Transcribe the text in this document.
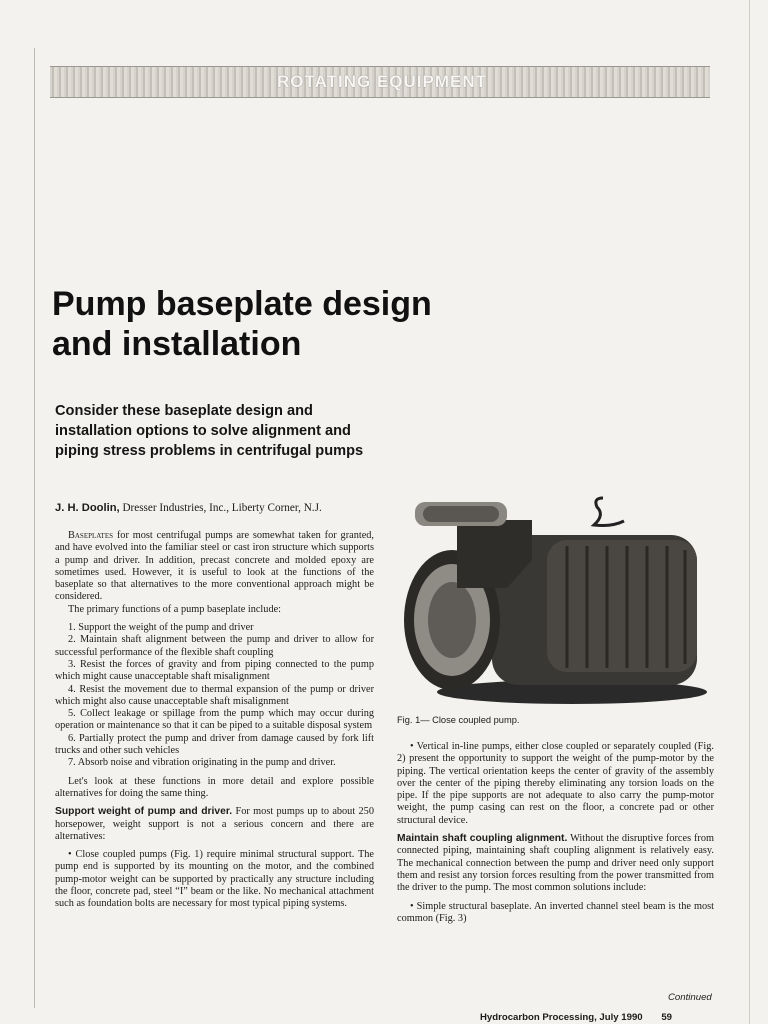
ROTATING EQUIPMENT
Pump baseplate design
and installation

Consider these baseplate design and installation options to solve alignment and piping stress problems in centrifugal pumps

J. H. Doolin, Dresser Industries, Inc., Liberty Corner, N.J.

Baseplates for most centrifugal pumps are somewhat taken for granted, and have evolved into the familiar steel or cast iron structure which supports a pump and driver. In addition, precast concrete and molded epoxy are sometimes used. However, it is useful to look at the functions of the baseplate so that alternatives to the more conventional approach might be considered.

The primary functions of a pump baseplate include:

1. Support the weight of the pump and driver

2. Maintain shaft alignment between the pump and driver to allow for successful performance of the flexible shaft coupling

3. Resist the forces of gravity and from piping connected to the pump which might cause unacceptable shaft misalignment

4. Resist the movement due to thermal expansion of the pump or driver which might also cause unacceptable shaft misalignment

5. Collect leakage or spillage from the pump which may occur during operation or maintenance so that it can be piped to a suitable disposal system

6. Partially protect the pump and driver from damage caused by fork lift trucks and other such vehicles

7. Absorb noise and vibration originating in the pump and driver.

Let's look at these functions in more detail and explore possible alternatives for doing the same thing.

Support weight of pump and driver. For most pumps up to about 250 horsepower, weight support is not a serious concern and there are alternatives:

• Close coupled pumps (Fig. 1) require minimal structural support. The pump end is supported by its mounting on the motor, and the combined pump-motor weight can be supported by practically any structure including the floor, concrete pad, steel “I” beam or the like. No mechanical attachment such as foundation bolts are necessary for most typical piping systems.

Fig. 1— Close coupled pump.

• Vertical in-line pumps, either close coupled or separately coupled (Fig. 2) present the opportunity to support the weight of the pump-motor by the piping. The vertical orientation keeps the center of gravity of the assembly over the center of the piping thereby eliminating any torsion loads on the pipe. If the pipe supports are not adequate to also carry the pump-motor weight, the pump casing can rest on the floor, a concrete pad or other structural device.

Maintain shaft coupling alignment. Without the disruptive forces from connected piping, maintaining shaft coupling alignment is relatively easy. The mechanical connection between the pump and driver need only support them and resist any torsion forces resulting from the power transmitted from the driver to the pump. The most common solutions include:

• Simple structural baseplate. An inverted channel steel beam is the most common (Fig. 3)

Continued
Hydrocarbon Processing, July 1990 59
